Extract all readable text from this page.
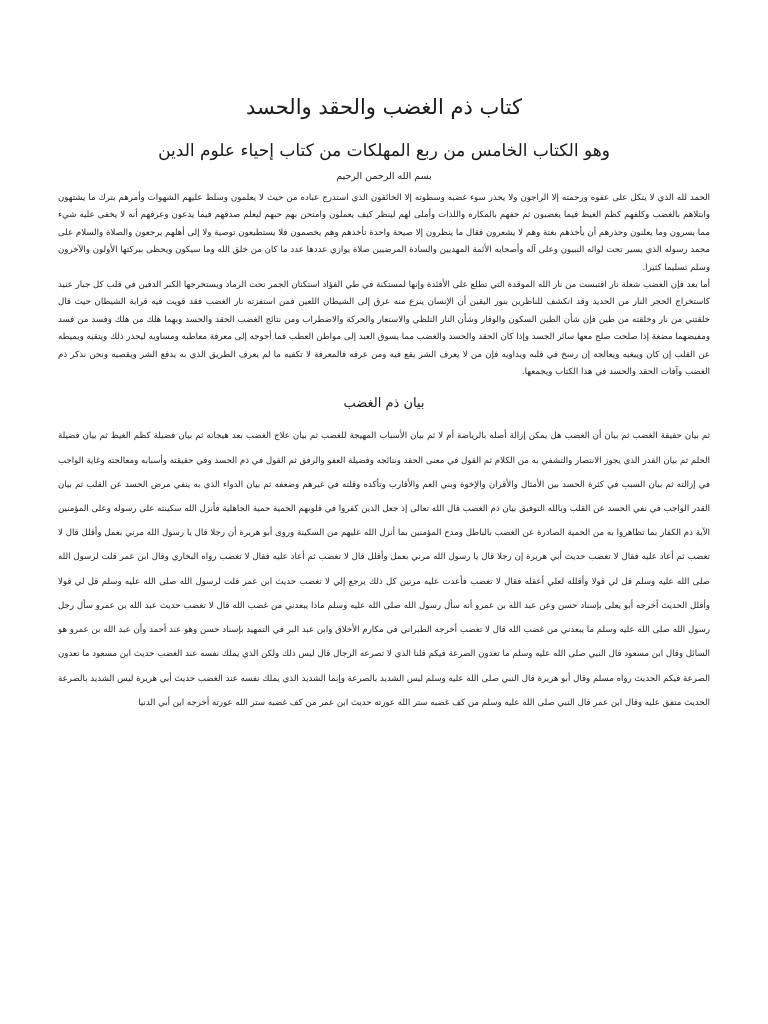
كتاب ذم الغضب والحقد والحسد
وهو الكتاب الخامس من ربع المهلكات من كتاب إحياء علوم الدين
بسم الله الرحمن الرحيم

الحمد لله الذي لا يتكل على عفوه ورحمته إلا الراجون ولا يحذر سوء غضبه وسطوته إلا الخائفون الذي استدرج عباده من حيث لا يعلمون وسلط عليهم الشهوات وأمرهم بترك ما يشتهون وابتلاهم بالغضب وكلفهم كظم الغيظ فيما يغضبون ثم حفهم بالمكاره واللذات وأملى لهم لينظر كيف يعملون وامتحن بهم حبهم ليعلم صدقهم فيما يدعون وعرفهم أنه لا يخفى عليه شيء مما يسرون وما يعلنون وحذرهم أن يأخذهم بغتة وهم لا يشعرون فقال ما ينظرون إلا صيحة واحدة تأخذهم وهم يخصمون فلا يستطيعون توصية ولا إلى أهلهم يرجعون والصلاة والسلام على محمد رسوله الذي يسير تحت لوائه النبيون وعلى آله وأصحابه الأئمة المهديين والسادة المرضيين صلاة يوازي عددها عدد ما كان من خلق الله وما سيكون ويحظى ببركتها الأولون والآخرون وسلم تسليما كثيرا.

أما بعد فإن الغضب شعلة نار اقتبست من نار الله الموقدة التي تطلع على الأفئدة وإنها لمستكنة في طي الفؤاد استكنان الجمر تحت الرماد ويستخرجها الكبر الدفين في قلب كل جبار عنيد كاستخراج الحجر النار من الحديد وقد انكشف للناظرين بنور اليقين أن الإنسان ينزع منه عرق إلى الشيطان اللعين فمن استفزته نار الغضب فقد قويت فيه قرابة الشيطان حيث قال خلقتني من نار وخلقته من طين فإن شأن الطين السكون والوقار وشأن النار التلظي والاستعار والحركة والاضطراب ومن نتائج الغضب الحقد والحسد وبهما هلك من هلك وفسد من فسد ومفيضهما مضغة إذا صلحت صلح معها سائر الجسد وإذا كان الحقد والحسد والغضب مما يسوق العبد إلى مواطن العطب فما أحوجه إلى معرفة معاطبه ومساويه ليحذر ذلك ويتقيه ويميطه عن القلب إن كان ويبغيه ويعالجه إن رسخ في قلبه ويداويه فإن من لا يعرف الشر يقع فيه ومن عرفه فالمعرفة لا تكفيه ما لم يعرف الطريق الذي به يدفع الشر ويقصيه ونحن نذكر ذم الغضب وآفات الحقد والحسد في هذا الكتاب ويجمعها.

بيان ذم الغضب

ثم بيان حقيقة الغضب ثم بيان أن الغضب هل يمكن إزالة أصله بالرياضة أم لا ثم بيان الأسباب المهيجة للغضب ثم بيان علاج الغضب بعد هيجانه ثم بيان فضيلة كظم الغيظ ثم بيان فضيلة الحلم ثم بيان القدر الذي يجوز الانتصار والتشفي به من الكلام ثم القول في معنى الحقد ونتائجه وفضيلة العفو والرفق ثم القول في ذم الحسد وفي حقيقته وأسبابه ومعالجته وغاية الواجب في إزالته ثم بيان السبب في كثرة الحسد بين الأمثال والأقران والإخوة وبني العم والأقارب وتأكده وقلته في غيرهم وضعفه ثم بيان الدواء الذي به ينفي مرض الحسد عن القلب ثم بيان القدر الواجب في نفي الحسد عن القلب وبالله التوفيق بيان ذم الغضب قال الله تعالى إذ جعل الذين كفروا في قلوبهم الحمية حمية الجاهلية فأنزل الله سكينته على رسوله وعلى المؤمنين الآية ذم الكفار بما تظاهروا به من الحمية الصادرة عن الغضب بالباطل ومدح المؤمنين بما أنزل الله عليهم من السكينة وروى أبو هريرة أن رجلا قال يا رسول الله مرني بعمل وأقلل قال لا تغضب ثم أعاد عليه فقال لا تغضب حديث أبي هريرة إن رجلا قال يا رسول الله مرني بعمل وأقلل قال لا تغضب ثم أعاد عليه فقال لا تغضب رواه البخاري وقال ابن عمر قلت لرسول الله صلى الله عليه وسلم قل لي قولا وأقلله لعلي أعقله فقال لا تغضب فأعدت عليه مرتين كل ذلك يرجع إلي لا تغضب حديث ابن عمر قلت لرسول الله صلى الله عليه وسلم قل لي قولا وأقلل الحديث أخرجه أبو يعلى بإسناد حسن وعن عبد الله بن عمرو أنه سأل رسول الله صلى الله عليه وسلم ماذا يبعدني من غضب الله قال لا تغضب حديث عبد الله بن عمرو سأل رجل رسول الله صلى الله عليه وسلم ما يبعدني من غضب الله قال لا تغضب أخرجه الطبراني في مكارم الأخلاق وابن عبد البر في التمهيد بإسناد حسن وهو عند أحمد وأن عبد الله بن عمرو هو السائل وقال ابن مسعود قال النبي صلى الله عليه وسلم ما تعدون الصرعة فيكم قلنا الذي لا تصرعه الرجال قال ليس ذلك ولكن الذي يملك نفسه عند الغضب حديث ابن مسعود ما تعدون الصرعة فيكم الحديث رواه مسلم وقال أبو هريرة قال النبي صلى الله عليه وسلم ليس الشديد بالصرعة وإنما الشديد الذي يملك نفسه عند الغضب حديث أبي هريرة ليس الشديد بالصرعة الحديث متفق عليه وقال ابن عمر قال النبي صلى الله عليه وسلم من كف غضبه ستر الله عورته حديث ابن عمر من كف غضبه ستر الله عورته أخرجه ابن أبي الدنيا
